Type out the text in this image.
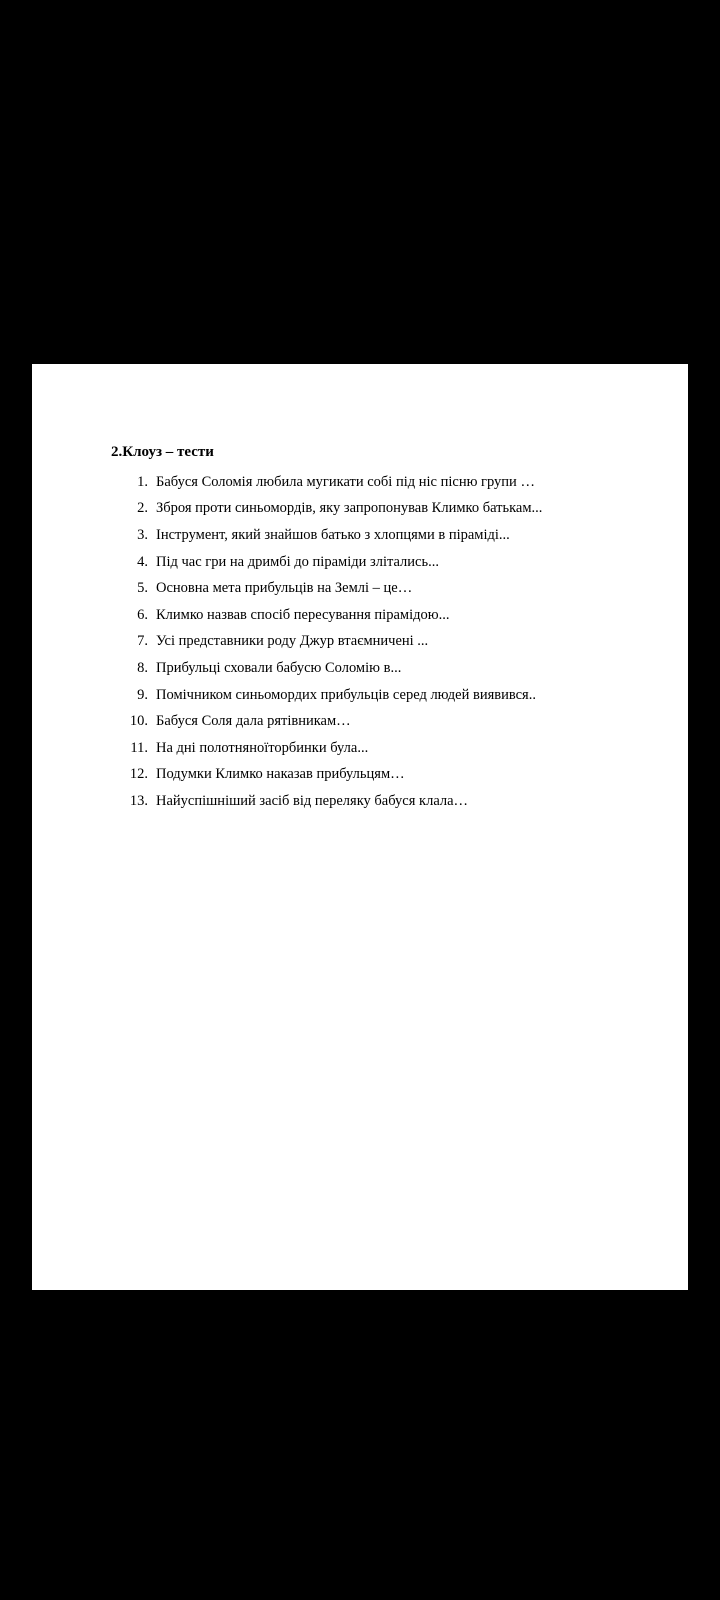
2.Клоуз – тести
1. Бабуся Соломія любила мугикати собі під ніс пісню групи …
2. Зброя проти синьомордів, яку запропонував Климко батькам...
3. Інструмент, який знайшов батько з хлопцями в піраміді...
4. Під час гри на дримбі до піраміди злітались...
5. Основна мета прибульців на Землі – це…
6. Климко назвав спосіб пересування пірамідою...
7. Усі представники роду Джур втаємничені ...
8. Прибульці сховали бабусю Соломію в...
9. Помічником синьомордих прибульців серед людей виявився..
10. Бабуся Соля дала рятівникам…
11. На дні полотняноїторбинки була...
12. Подумки Климко наказав прибульцям…
13. Найуспішніший засіб від переляку бабуся клала…
